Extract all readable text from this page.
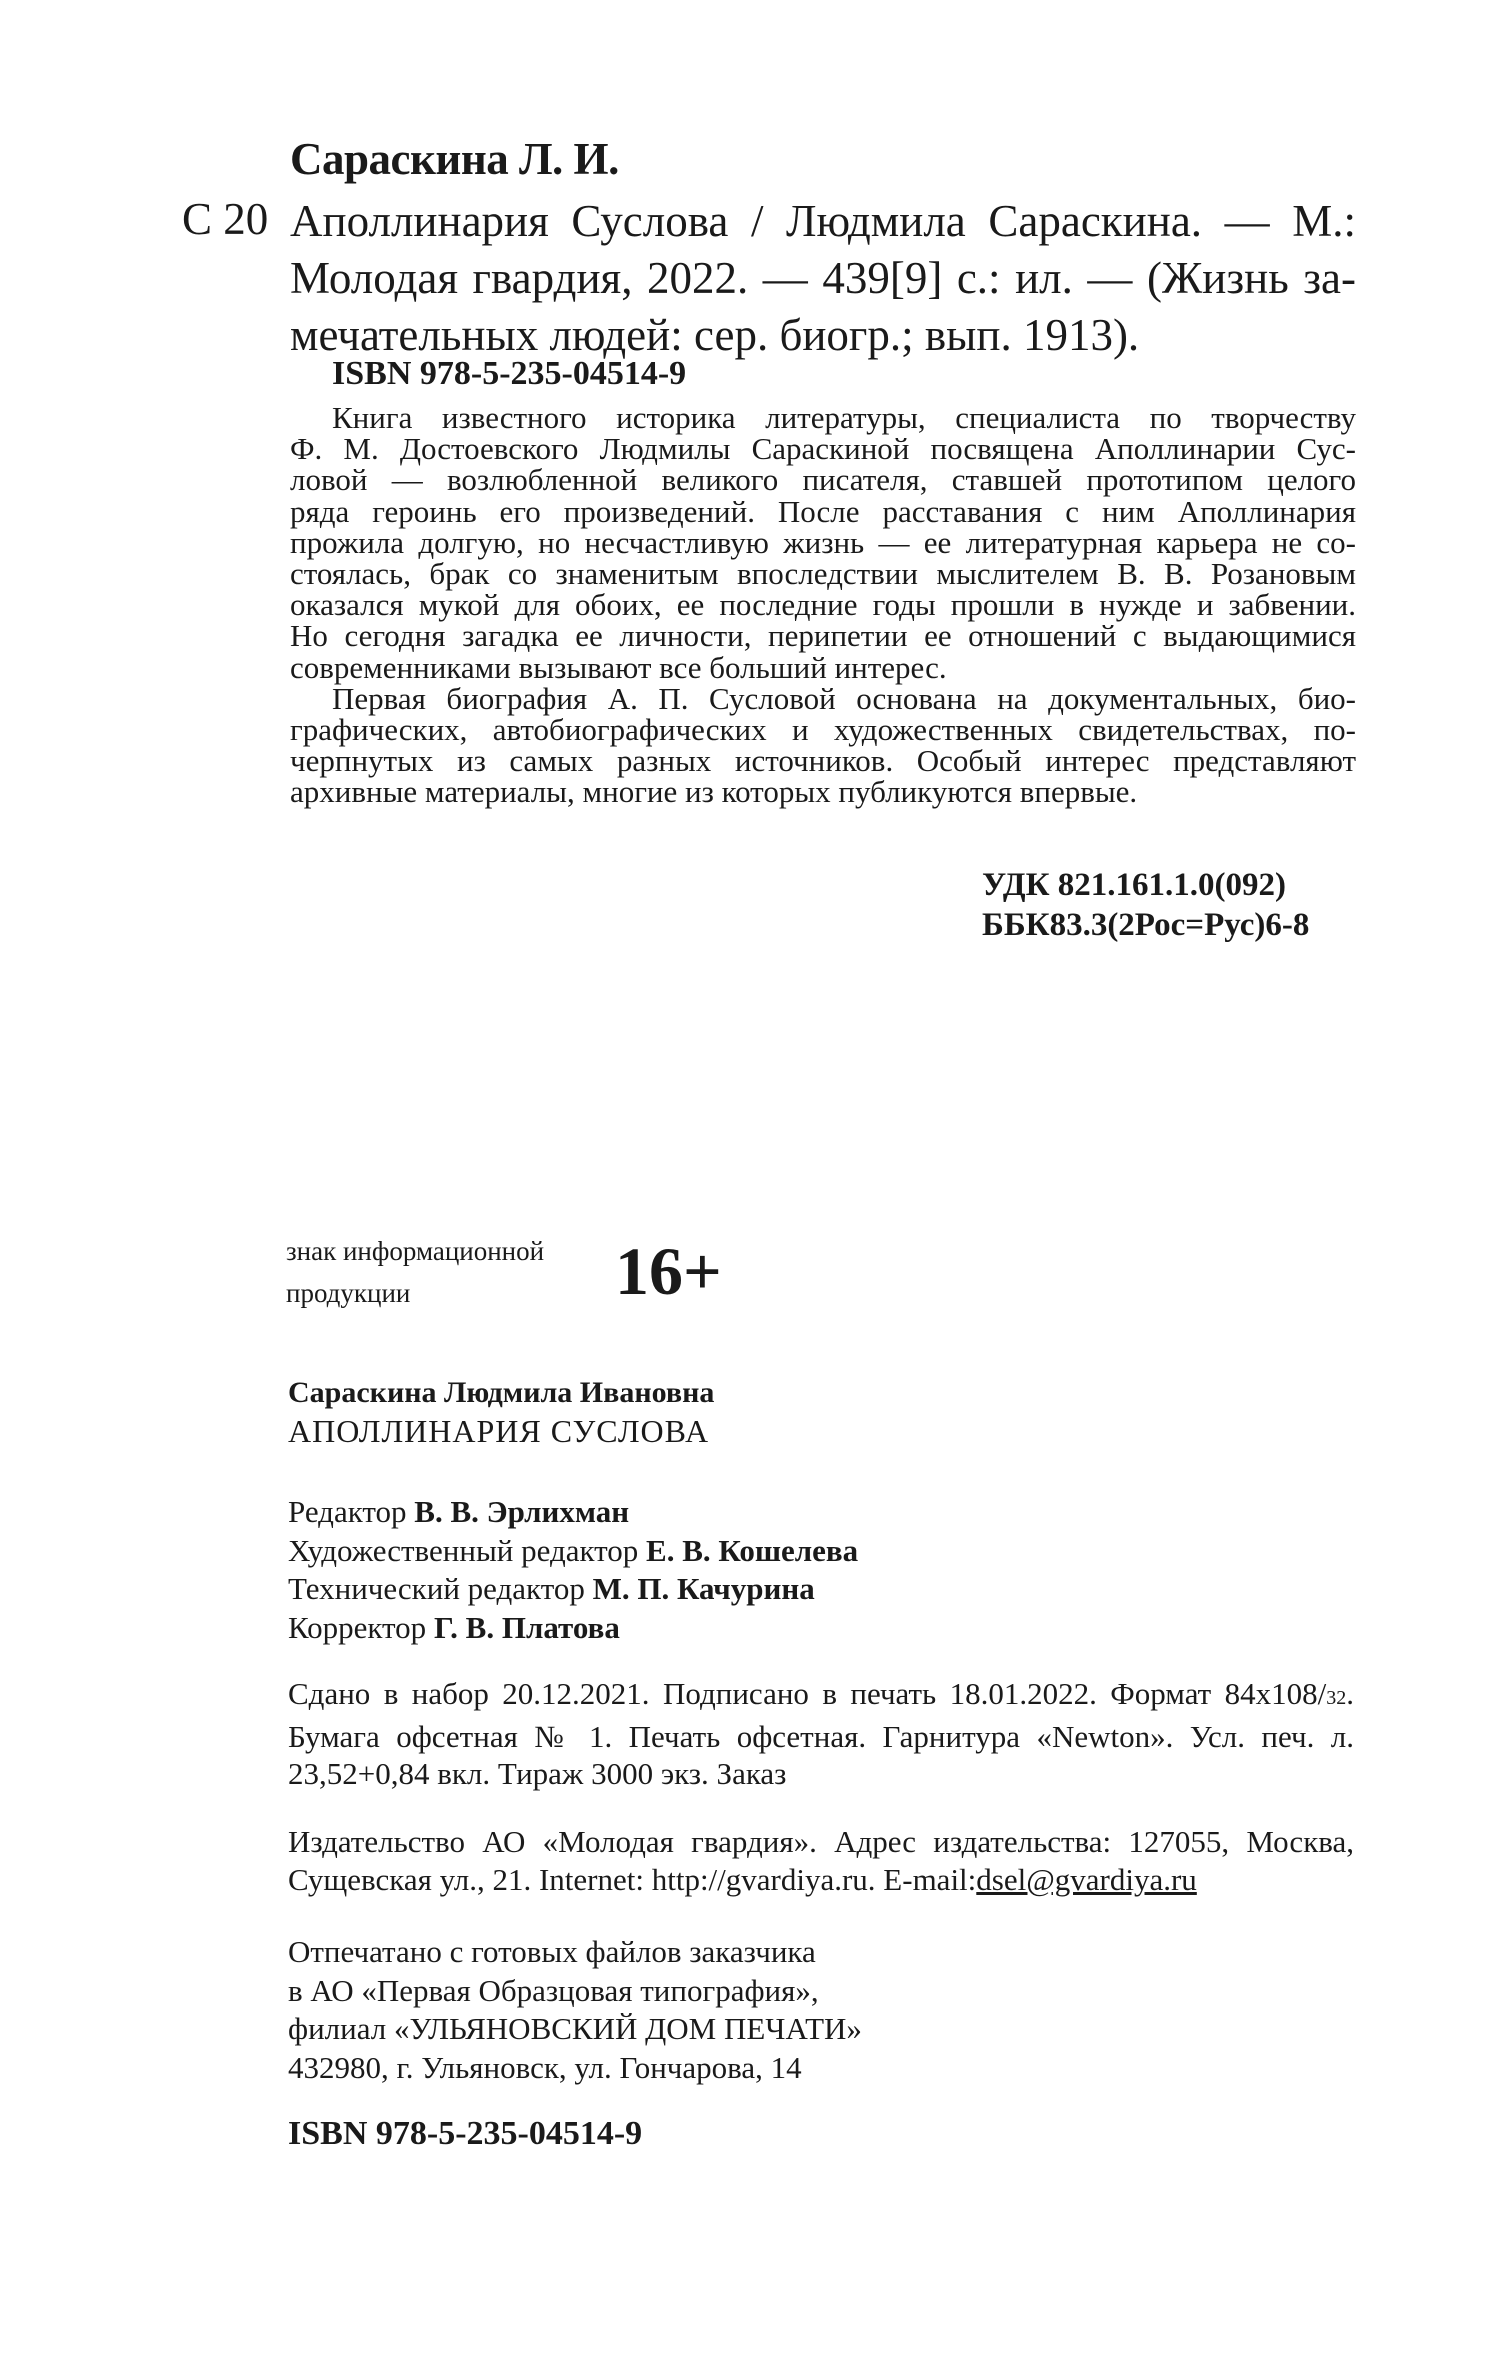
Сараскина Л. И.
С 20 Аполлинария Суслова / Людмила Сараскина. — М.:
Молодая гвардия, 2022. — 439[9] с.: ил. — (Жизнь за-
мечательных людей: сер. биогр.; вып. 1913).
ISBN 978-5-235-04514-9
Книга известного историка литературы, специалиста по творчеству
Ф. М. Достоевского Людмилы Сараскиной посвящена Аполлинарии Сус-
ловой — возлюбленной великого писателя, ставшей прототипом целого
ряда героинь его произведений. После расставания с ним Аполлинария
прожила долгую, но несчастливую жизнь — ее литературная карьера не со-
стоялась, брак со знаменитым впоследствии мыслителем В. В. Розановым
оказался мукой для обоих, ее последние годы прошли в нужде и забвении.
Но сегодня загадка ее личности, перипетии ее отношений с выдающимися
современниками вызывают все больший интерес.
Первая биография А. П. Сусловой основана на документальных, био-
графических, автобиографических и художественных свидетельствах, по-
черпнутых из самых разных источников. Особый интерес представляют
архивные материалы, многие из которых публикуются впервые.
УДК 821.161.1.0(092)
ББК83.3(2Рос=Рус)6-8
знак информационной
продукции	16+
Сараскина Людмила Ивановна
АПОЛЛИНАРИЯ СУСЛОВА
Редактор В. В. Эрлихман
Художественный редактор Е. В. Кошелева
Технический редактор М. П. Качурина
Корректор Г. В. Платова
Сдано в набор 20.12.2021. Подписано в печать 18.01.2022. Формат 84х108/32.
Бумага офсетная № 1. Печать офсетная. Гарнитура «Newton». Усл. печ. л.
23,52+0,84 вкл. Тираж 3000 экз. Заказ
Издательство АО «Молодая гвардия». Адрес издательства: 127055, Москва,
Сущевская ул., 21. Internet: http://gvardiya.ru. E-mail:dsel@gvardiya.ru
Отпечатано с готовых файлов заказчика
в АО «Первая Образцовая типография»,
филиал «УЛЬЯНОВСКИЙ ДОМ ПЕЧАТИ»
432980, г. Ульяновск, ул. Гончарова, 14
ISBN 978-5-235-04514-9
